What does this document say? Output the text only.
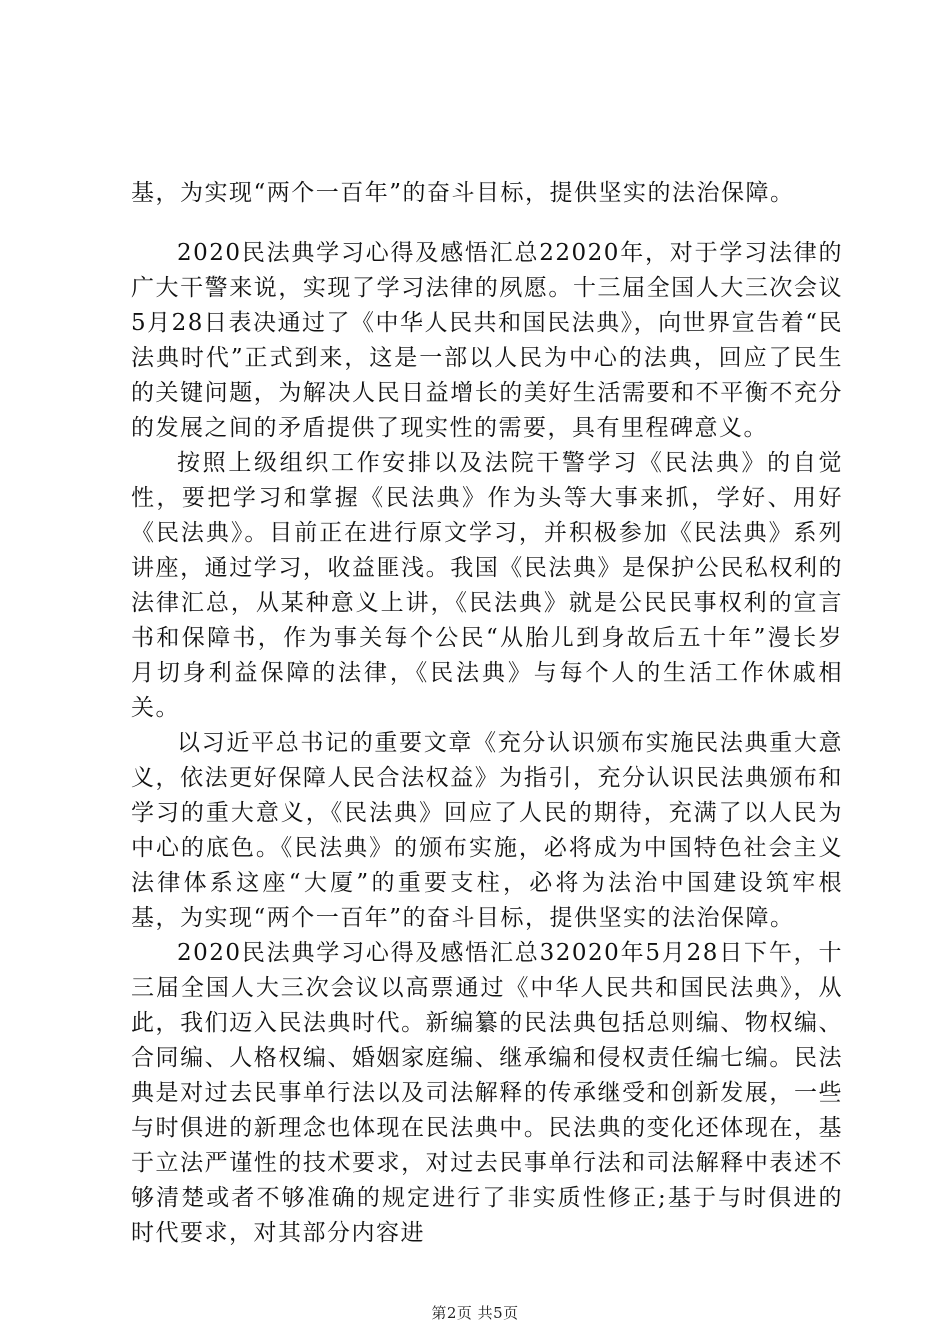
基，为实现“两个一百年”的奋斗目标，提供坚实的法治保障。

2020民法典学习心得及感悟汇总22020年，对于学习法律的广大干警来说，实现了学习法律的夙愿。十三届全国人大三次会议5月28日表决通过了《中华人民共和国民法典》，向世界宣告着“民法典时代”正式到来，这是一部以人民为中心的法典，回应了民生的关键问题，为解决人民日益增长的美好生活需要和不平衡不充分的发展之间的矛盾提供了现实性的需要，具有里程碑意义。

按照上级组织工作安排以及法院干警学习《民法典》的自觉性，要把学习和掌握《民法典》作为头等大事来抓，学好、用好《民法典》。目前正在进行原文学习，并积极参加《民法典》系列讲座，通过学习，收益匪浅。我国《民法典》是保护公民私权利的法律汇总，从某种意义上讲，《民法典》就是公民民事权利的宣言书和保障书，作为事关每个公民“从胎儿到身故后五十年”漫长岁月切身利益保障的法律，《民法典》与每个人的生活工作休戚相关。

以习近平总书记的重要文章《充分认识颁布实施民法典重大意义，依法更好保障人民合法权益》为指引，充分认识民法典颁布和学习的重大意义，《民法典》回应了人民的期待，充满了以人民为中心的底色。《民法典》的颁布实施，必将成为中国特色社会主义法律体系这座“大厦”的重要支柱，必将为法治中国建设筑牢根基，为实现“两个一百年”的奋斗目标，提供坚实的法治保障。

2020民法典学习心得及感悟汇总32020年5月28日下午，十三届全国人大三次会议以高票通过《中华人民共和国民法典》，从此，我们迈入民法典时代。新编纂的民法典包括总则编、物权编、合同编、人格权编、婚姻家庭编、继承编和侵权责任编七编。民法典是对过去民事单行法以及司法解释的传承继受和创新发展，一些与时俱进的新理念也体现在民法典中。民法典的变化还体现在，基于立法严谨性的技术要求，对过去民事单行法和司法解释中表述不够清楚或者不够准确的规定进行了非实质性修正;基于与时俱进的时代要求，对其部分内容进

第2页 共5页
